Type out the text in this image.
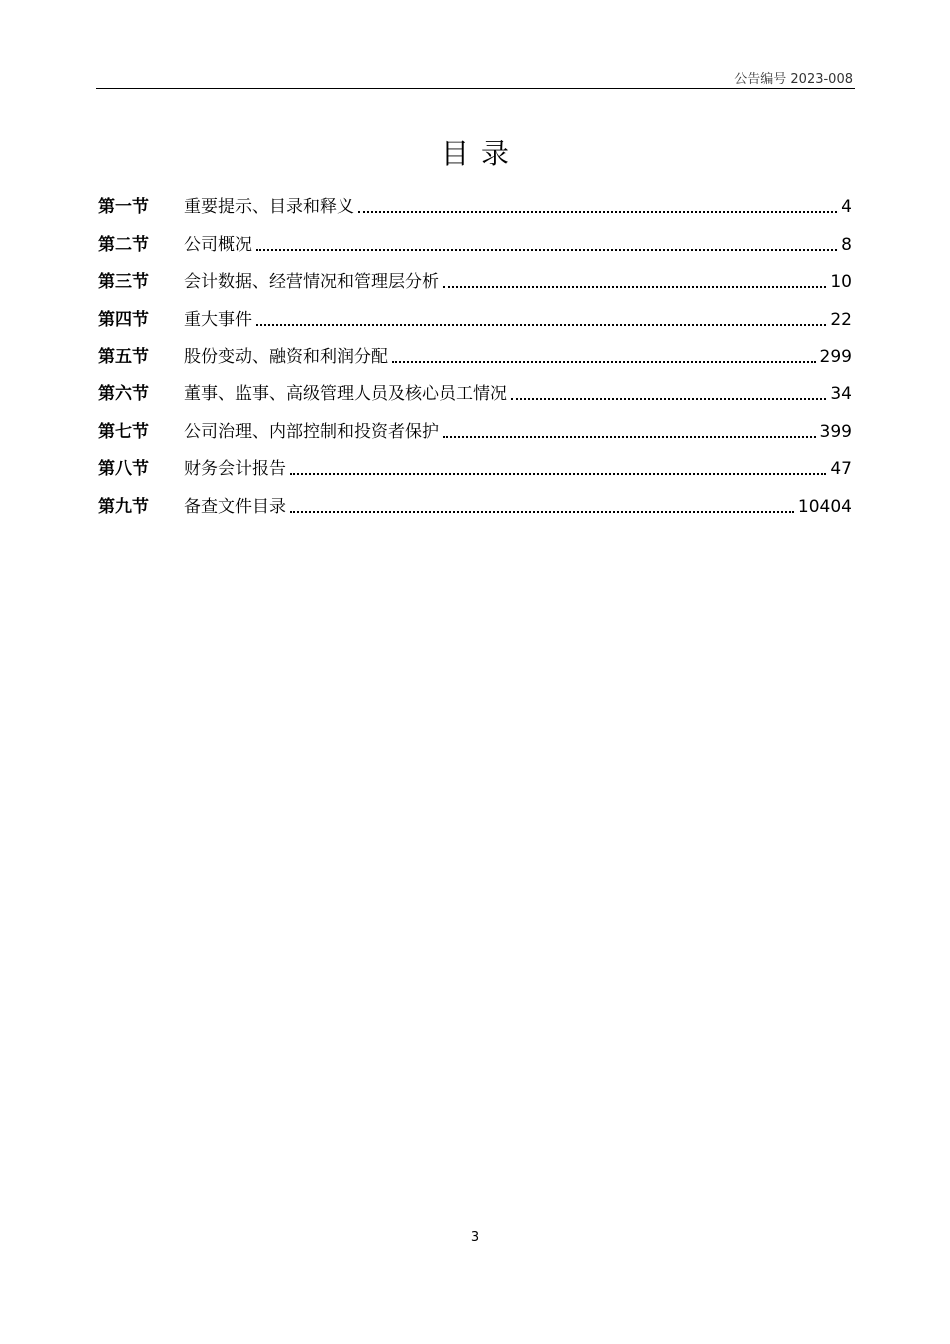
公告编号 2023-008
目录
第一节	重要提示、目录和释义	4
第二节	公司概况	8
第三节	会计数据、经营情况和管理层分析	10
第四节	重大事件	22
第五节	股份变动、融资和利润分配	299
第六节	董事、监事、高级管理人员及核心员工情况	34
第七节	公司治理、内部控制和投资者保护	399
第八节	财务会计报告	47
第九节	备查文件目录	10404
3
